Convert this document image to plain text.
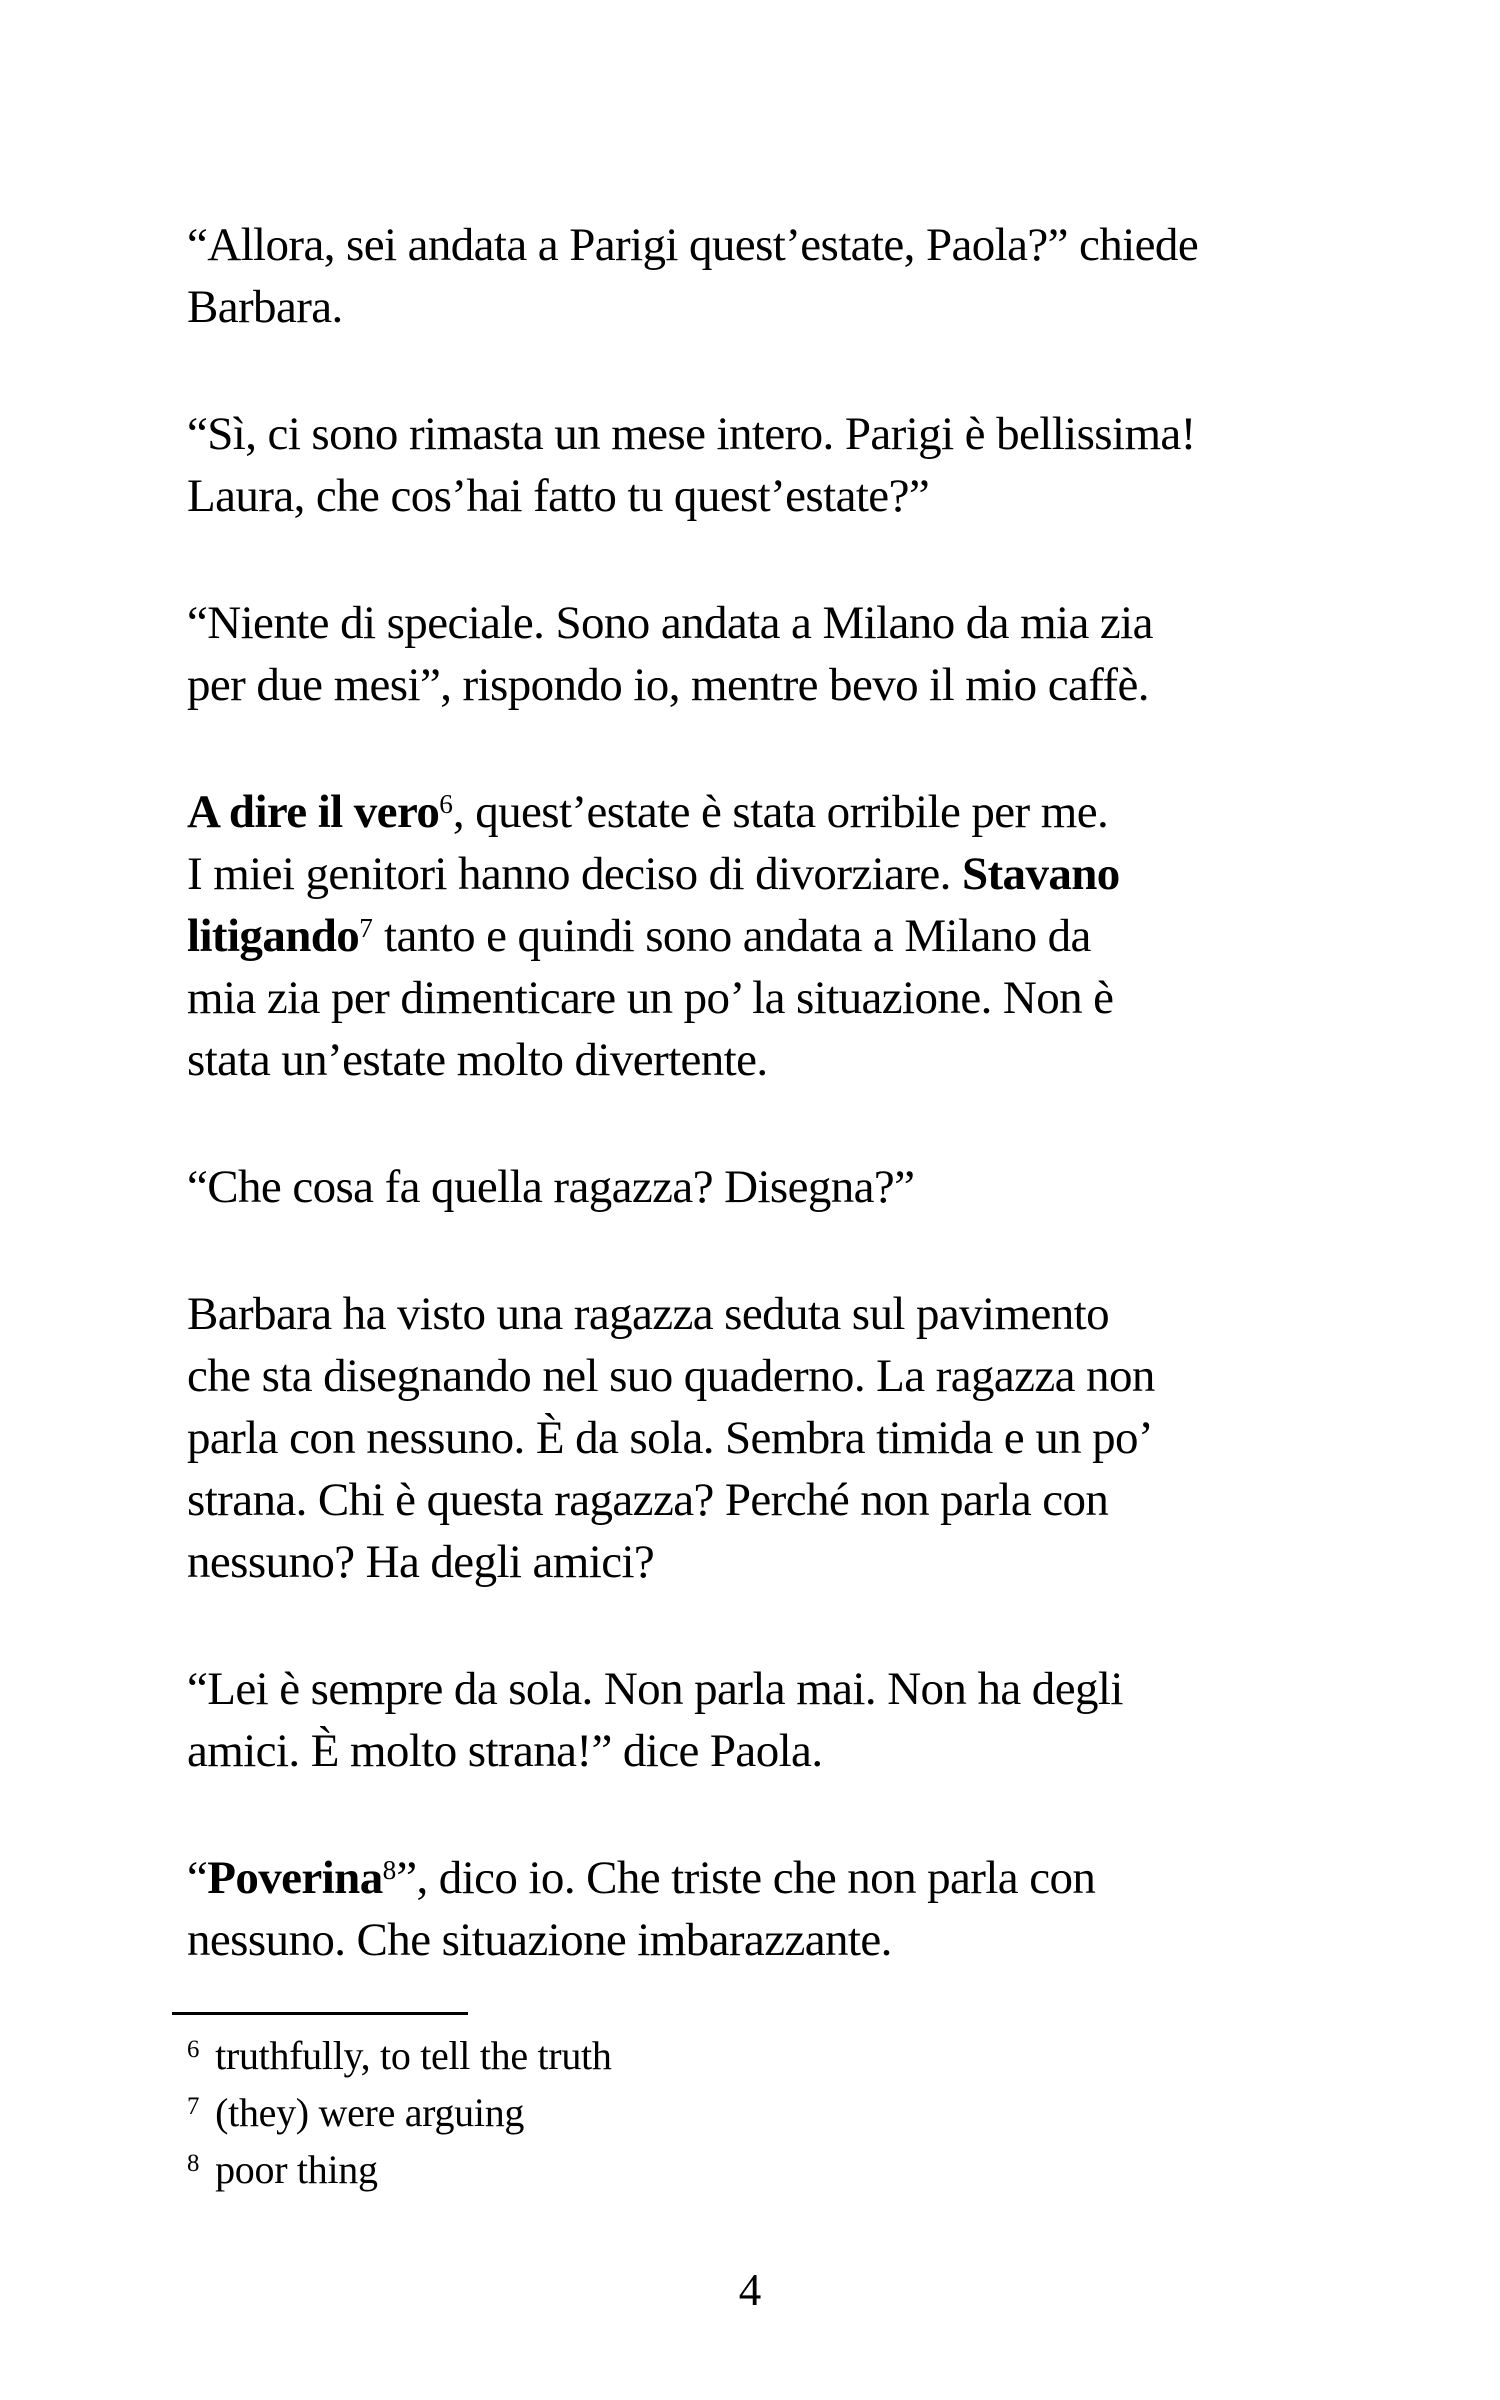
“Allora, sei andata a Parigi quest’estate, Paola?” chiede
Barbara.
“Sì, ci sono rimasta un mese intero. Parigi è bellissima!
Laura, che cos’hai fatto tu quest’estate?”
“Niente di speciale. Sono andata a Milano da mia zia
per due mesi”, rispondo io, mentre bevo il mio caffè.
A dire il vero$^6$, quest’estate è stata orribile per me.
I miei genitori hanno deciso di divorziare. Stavano
litigando$^7$ tanto e quindi sono andata a Milano da
mia zia per dimenticare un po’ la situazione. Non è
stata un’estate molto divertente.
“Che cosa fa quella ragazza? Disegna?”
Barbara ha visto una ragazza seduta sul pavimento
che sta disegnando nel suo quaderno. La ragazza non
parla con nessuno. È da sola. Sembra timida e un po’
strana. Chi è questa ragazza? Perché non parla con
nessuno? Ha degli amici?
“Lei è sempre da sola. Non parla mai. Non ha degli
amici. È molto strana!” dice Paola.
“Poverina$^8$”, dico io. Che triste che non parla con
nessuno. Che situazione imbarazzante.
6 truthfully, to tell the truth
7 (they) were arguing
8 poor thing
4
